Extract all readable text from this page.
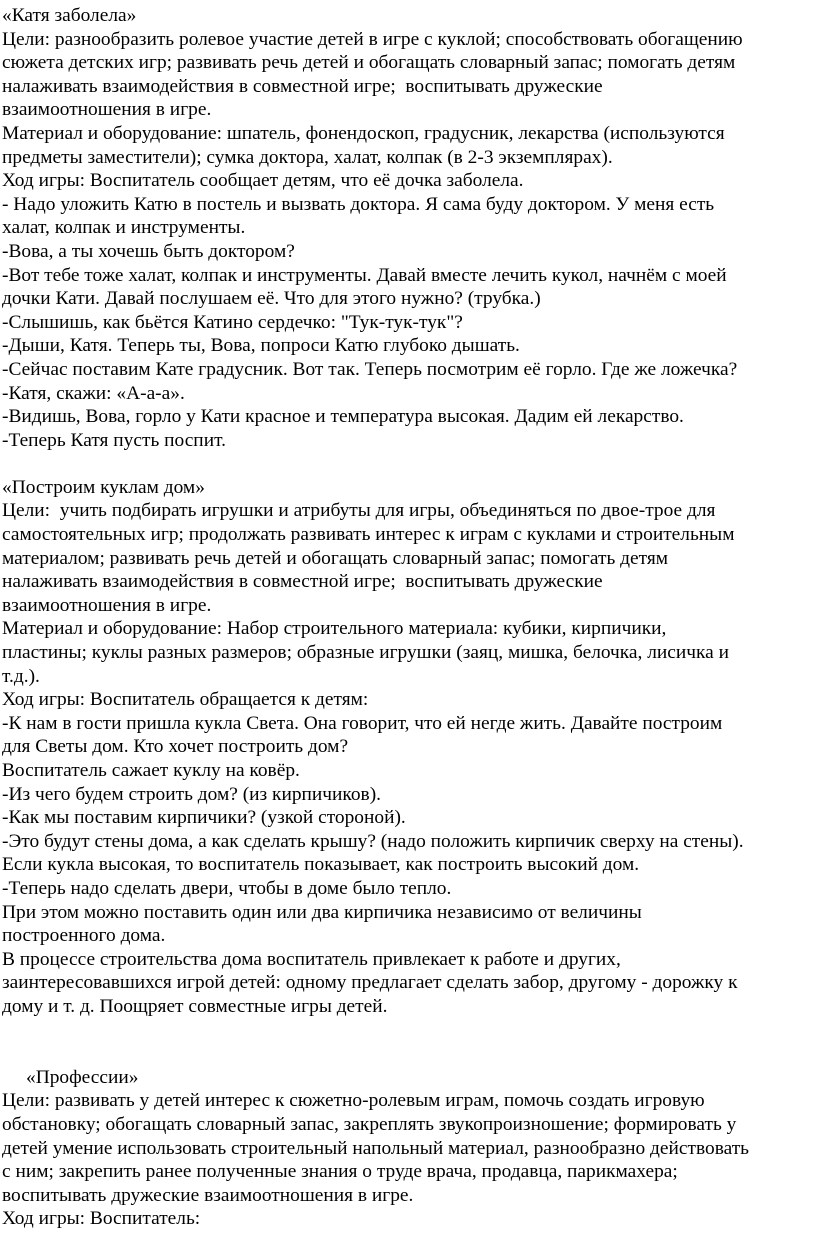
«Катя заболела»
Цели: разнообразить ролевое участие детей в игре с куклой; способствовать обогащению
сюжета детских игр; развивать речь детей и обогащать словарный запас; помогать детям
налаживать взаимодействия в совместной игре;  воспитывать дружеские
взаимоотношения в игре.
Материал и оборудование: шпатель, фонендоскоп, градусник, лекарства (используются
предметы заместители); сумка доктора, халат, колпак (в 2-3 экземплярах).
Ход игры: Воспитатель сообщает детям, что её дочка заболела.
- Надо уложить Катю в постель и вызвать доктора. Я сама буду доктором. У меня есть
халат, колпак и инструменты.
-Вова, а ты хочешь быть доктором?
-Вот тебе тоже халат, колпак и инструменты. Давай вместе лечить кукол, начнём с моей
дочки Кати. Давай послушаем её. Что для этого нужно? (трубка.)
-Слышишь, как бьётся Катино сердечко: "Тук-тук-тук"?
-Дыши, Катя. Теперь ты, Вова, попроси Катю глубоко дышать.
-Сейчас поставим Кате градусник. Вот так. Теперь посмотрим её горло. Где же ложечка?
-Катя, скажи: «А-а-а».
-Видишь, Вова, горло у Кати красное и температура высокая. Дадим ей лекарство.
-Теперь Катя пусть поспит.
«Построим куклам дом»
Цели:  учить подбирать игрушки и атрибуты для игры, объединяться по двое-трое для
самостоятельных игр; продолжать развивать интерес к играм с куклами и строительным
материалом; развивать речь детей и обогащать словарный запас; помогать детям
налаживать взаимодействия в совместной игре;  воспитывать дружеские
взаимоотношения в игре.
Материал и оборудование: Набор строительного материала: кубики, кирпичики,
пластины; куклы разных размеров; образные игрушки (заяц, мишка, белочка, лисичка и
т.д.).
Ход игры: Воспитатель обращается к детям:
-К нам в гости пришла кукла Света. Она говорит, что ей негде жить. Давайте построим
для Светы дом. Кто хочет построить дом?
Воспитатель сажает куклу на ковёр.
-Из чего будем строить дом? (из кирпичиков).
-Как мы поставим кирпичики? (узкой стороной).
-Это будут стены дома, а как сделать крышу? (надо положить кирпичик сверху на стены).
Если кукла высокая, то воспитатель показывает, как построить высокий дом.
-Теперь надо сделать двери, чтобы в доме было тепло.
При этом можно поставить один или два кирпичика независимо от величины
построенного дома.
В процессе строительства дома воспитатель привлекает к работе и других,
заинтересовавшихся игрой детей: одному предлагает сделать забор, другому - дорожку к
дому и т. д. Поощряет совместные игры детей.
«Профессии»
Цели: развивать у детей интерес к сюжетно-ролевым играм, помочь создать игровую
обстановку; обогащать словарный запас, закреплять звукопроизношение; формировать у
детей умение использовать строительный напольный материал, разнообразно действовать
с ним; закрепить ранее полученные знания о труде врача, продавца, парикмахера;
воспитывать дружеские взаимоотношения в игре.
Ход игры: Воспитатель:
